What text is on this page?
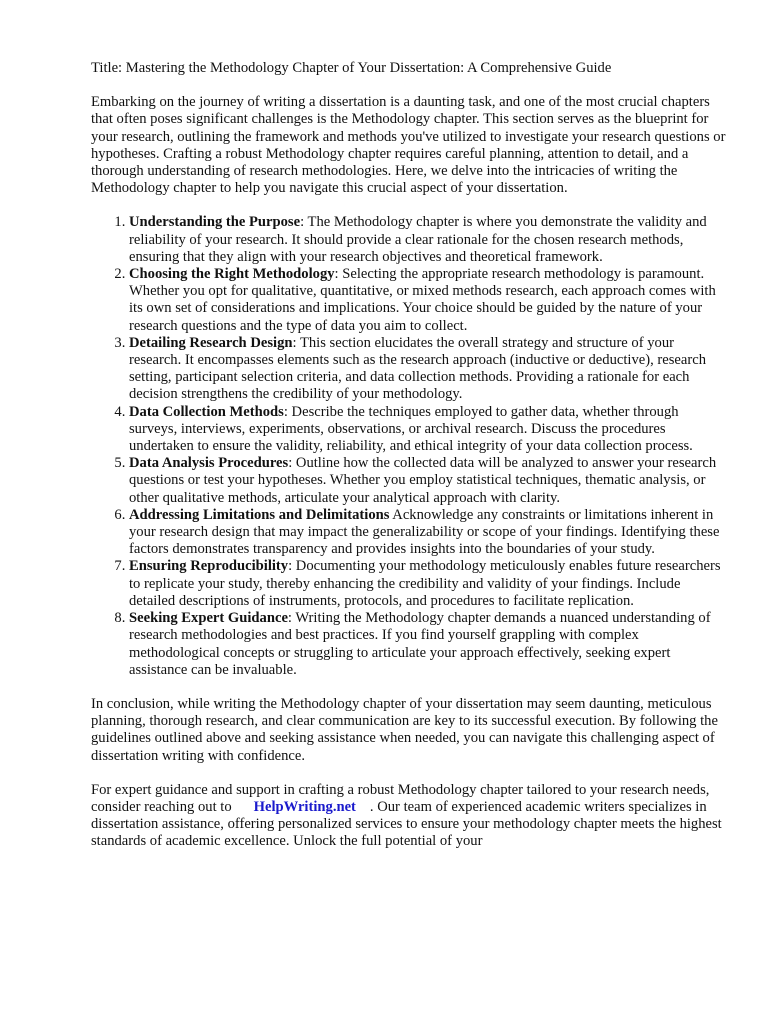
Title: Mastering the Methodology Chapter of Your Dissertation: A Comprehensive Guide

Embarking on the journey of writing a dissertation is a daunting task, and one of the most crucial chapters that often poses significant challenges is the Methodology chapter. This section serves as the blueprint for your research, outlining the framework and methods you've utilized to investigate your research questions or hypotheses. Crafting a robust Methodology chapter requires careful planning, attention to detail, and a thorough understanding of research methodologies. Here, we delve into the intricacies of writing the Methodology chapter to help you navigate this crucial aspect of your dissertation.

1. Understanding the Purpose: The Methodology chapter is where you demonstrate the validity and reliability of your research. It should provide a clear rationale for the chosen research methods, ensuring that they align with your research objectives and theoretical framework.
2. Choosing the Right Methodology: Selecting the appropriate research methodology is paramount. Whether you opt for qualitative, quantitative, or mixed methods research, each approach comes with its own set of considerations and implications. Your choice should be guided by the nature of your research questions and the type of data you aim to collect.
3. Detailing Research Design: This section elucidates the overall strategy and structure of your research. It encompasses elements such as the research approach (inductive or deductive), research setting, participant selection criteria, and data collection methods. Providing a rationale for each decision strengthens the credibility of your methodology.
4. Data Collection Methods: Describe the techniques employed to gather data, whether through surveys, interviews, experiments, observations, or archival research. Discuss the procedures undertaken to ensure the validity, reliability, and ethical integrity of your data collection process.
5. Data Analysis Procedures: Outline how the collected data will be analyzed to answer your research questions or test your hypotheses. Whether you employ statistical techniques, thematic analysis, or other qualitative methods, articulate your analytical approach with clarity.
6. Addressing Limitations and Delimitations Acknowledge any constraints or limitations inherent in your research design that may impact the generalizability or scope of your findings. Identifying these factors demonstrates transparency and provides insights into the boundaries of your study.
7. Ensuring Reproducibility: Documenting your methodology meticulously enables future researchers to replicate your study, thereby enhancing the credibility and validity of your findings. Include detailed descriptions of instruments, protocols, and procedures to facilitate replication.
8. Seeking Expert Guidance: Writing the Methodology chapter demands a nuanced understanding of research methodologies and best practices. If you find yourself grappling with complex methodological concepts or struggling to articulate your approach effectively, seeking expert assistance can be invaluable.

In conclusion, while writing the Methodology chapter of your dissertation may seem daunting, meticulous planning, thorough research, and clear communication are key to its successful execution. By following the guidelines outlined above and seeking assistance when needed, you can navigate this challenging aspect of dissertation writing with confidence.

For expert guidance and support in crafting a robust Methodology chapter tailored to your research needs, consider reaching out to HelpWriting.net . Our team of experienced academic writers specializes in dissertation assistance, offering personalized services to ensure your methodology chapter meets the highest standards of academic excellence. Unlock the full potential of your
